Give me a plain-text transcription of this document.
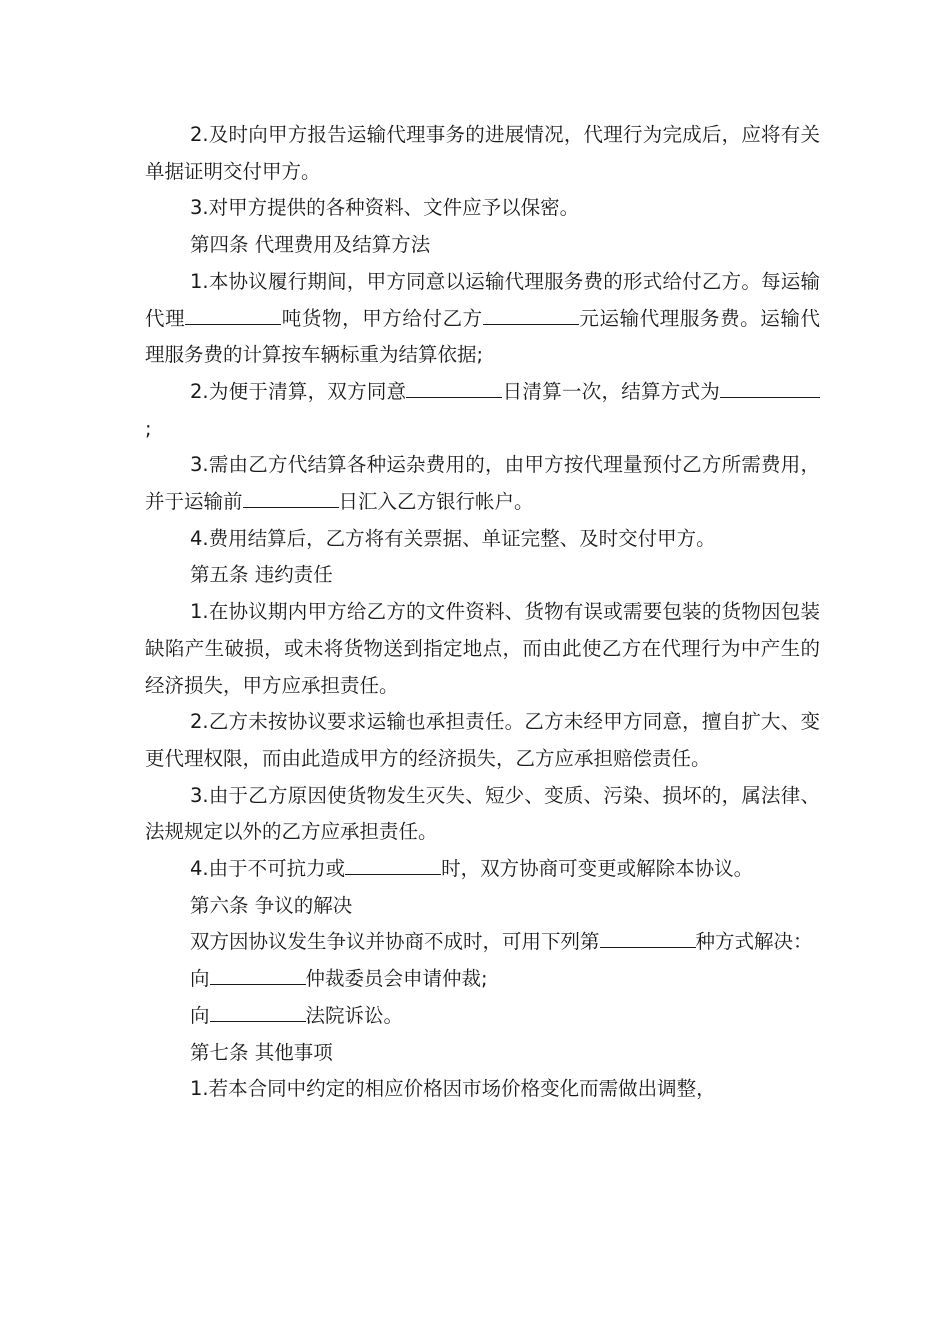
2.及时向甲方报告运输代理事务的进展情况，代理行为完成后，应将有关单据证明交付甲方。

3.对甲方提供的各种资料、文件应予以保密。

第四条 代理费用及结算方法

1.本协议履行期间，甲方同意以运输代理服务费的形式给付乙方。每运输代理	吨货物，甲方给付乙方	元运输代理服务费。运输代理服务费的计算按车辆标重为结算依据;

2.为便于清算，双方同意	日清算一次，结算方式为;

3.需由乙方代结算各种运杂费用的，由甲方按代理量预付乙方所需费用，并于运输前	日汇入乙方银行帐户。

4.费用结算后，乙方将有关票据、单证完整、及时交付甲方。

第五条 违约责任

1.在协议期内甲方给乙方的文件资料、货物有误或需要包装的货物因包装缺陷产生破损，或未将货物送到指定地点，而由此使乙方在代理行为中产生的经济损失，甲方应承担责任。

2.乙方未按协议要求运输也承担责任。乙方未经甲方同意，擅自扩大、变更代理权限，而由此造成甲方的经济损失，乙方应承担赔偿责任。

3.由于乙方原因使货物发生灭失、短少、变质、污染、损坏的，属法律、法规规定以外的乙方应承担责任。

4.由于不可抗力或	时，双方协商可变更或解除本协议。

第六条 争议的解决

双方因协议发生争议并协商不成时，可用下列第	种方式解决：

向	仲裁委员会申请仲裁;

向	法院诉讼。

第七条 其他事项

1.若本合同中约定的相应价格因市场价格变化而需做出调整，
